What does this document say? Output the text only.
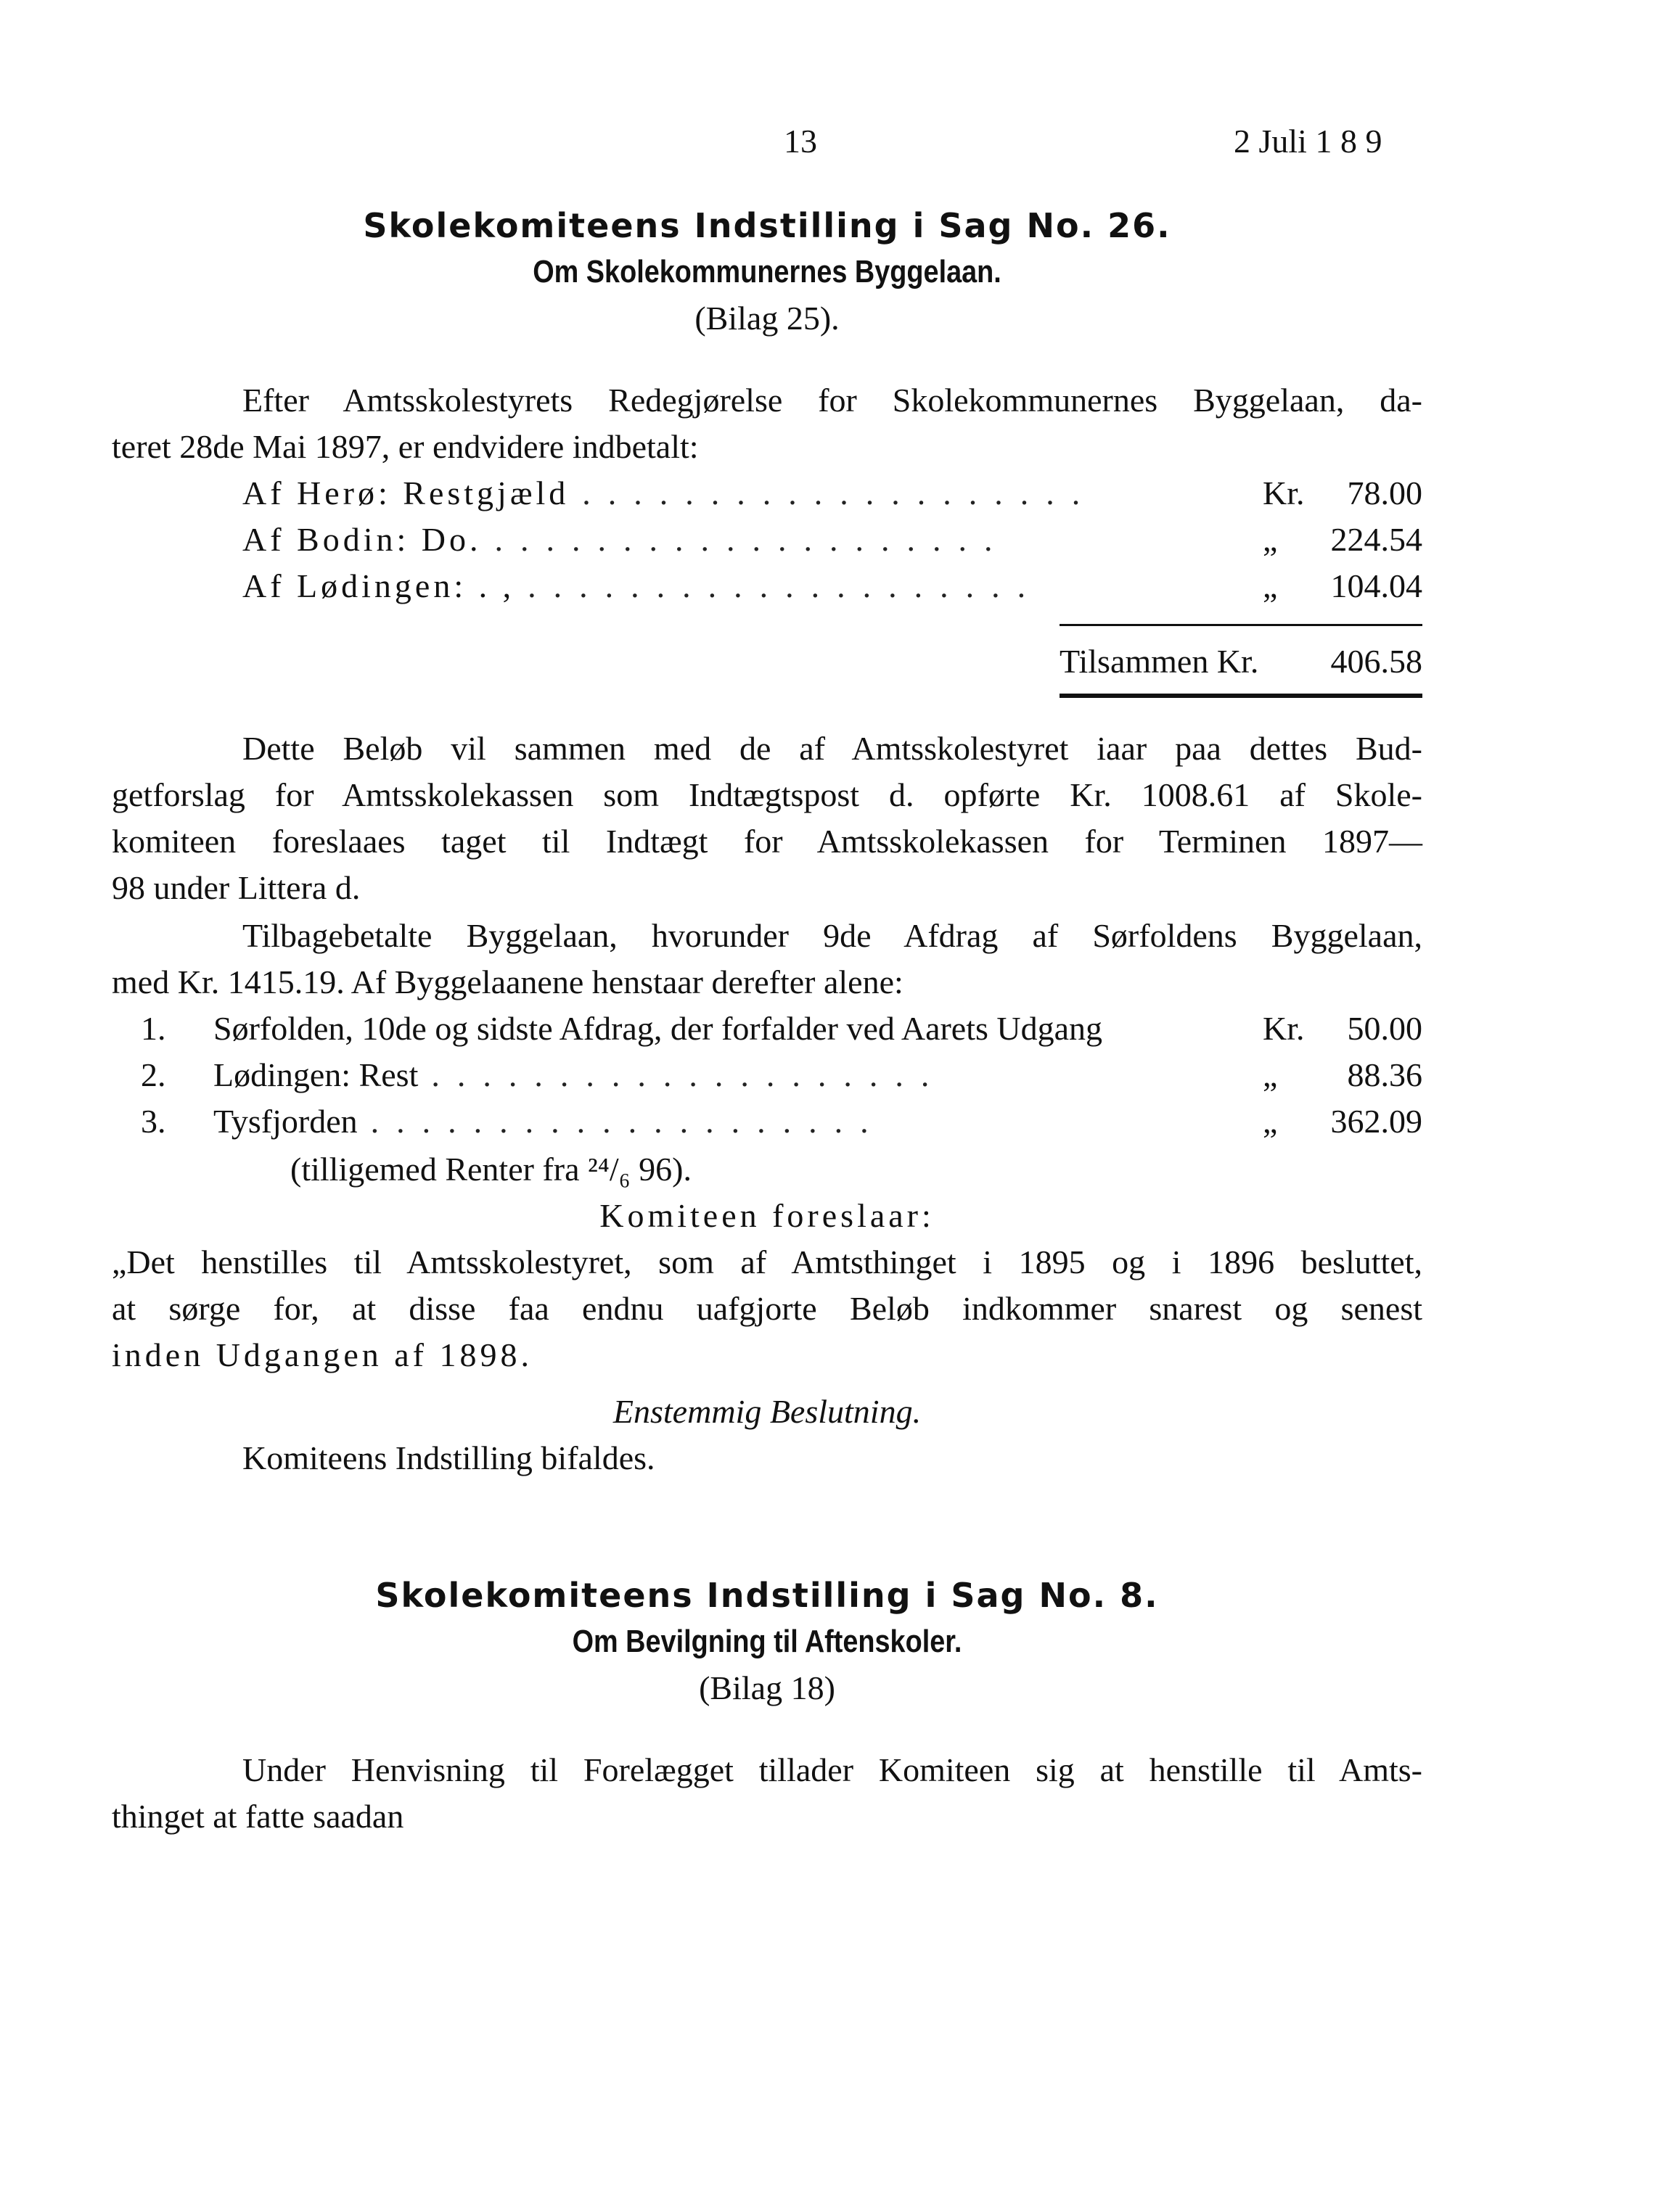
13	2 Juli 1 8 9
Skolekomiteens Indstilling i Sag No. 26.
Om Skolekommunernes Byggelaan.
(Bilag 25).
Efter Amtsskolestyrets Redegjørelse for Skolekommunernes Byggelaan, da-
teret 28de Mai 1897, er endvidere indbetalt:
Af Herø: Restgjæld ....................	Kr.	78.00
Af Bodin: Do. ....................	„	224.54
Af Lødingen: . , ....................	„	104.04
Tilsammen Kr.	406.58
Dette Beløb vil sammen med de af Amtsskolestyret iaar paa dettes Bud-
getforslag for Amtsskolekassen som Indtægtspost d. opførte Kr. 1008.61 af Skole-
komiteen foreslaaes taget til Indtægt for Amtsskolekassen for Terminen 1897—
98 under Littera d.
Tilbagebetalte Byggelaan, hvorunder 9de Afdrag af Sørfoldens Byggelaan,
med Kr. 1415.19. Af Byggelaanene henstaar derefter alene:
1.	Sørfolden, 10de og sidste Afdrag, der forfalder ved Aarets Udgang	Kr.	50.00
2.	Lødingen: Rest ....................	„	88.36
3.	Tysfjorden ....................	„	362.09
(tilligemed Renter fra ²⁴/₆ 96).
Komiteen foreslaar:
„Det henstilles til Amtsskolestyret, som af Amtsthinget i 1895 og i 1896 besluttet,
at sørge for, at disse faa endnu uafgjorte Beløb indkommer snarest og senest
inden Udgangen af 1898.
Enstemmig Beslutning.
Komiteens Indstilling bifaldes.
Skolekomiteens Indstilling i Sag No. 8.
Om Bevilgning til Aftenskoler.
(Bilag 18)
Under Henvisning til Forelægget tillader Komiteen sig at henstille til Amts-
thinget at fatte saadan
